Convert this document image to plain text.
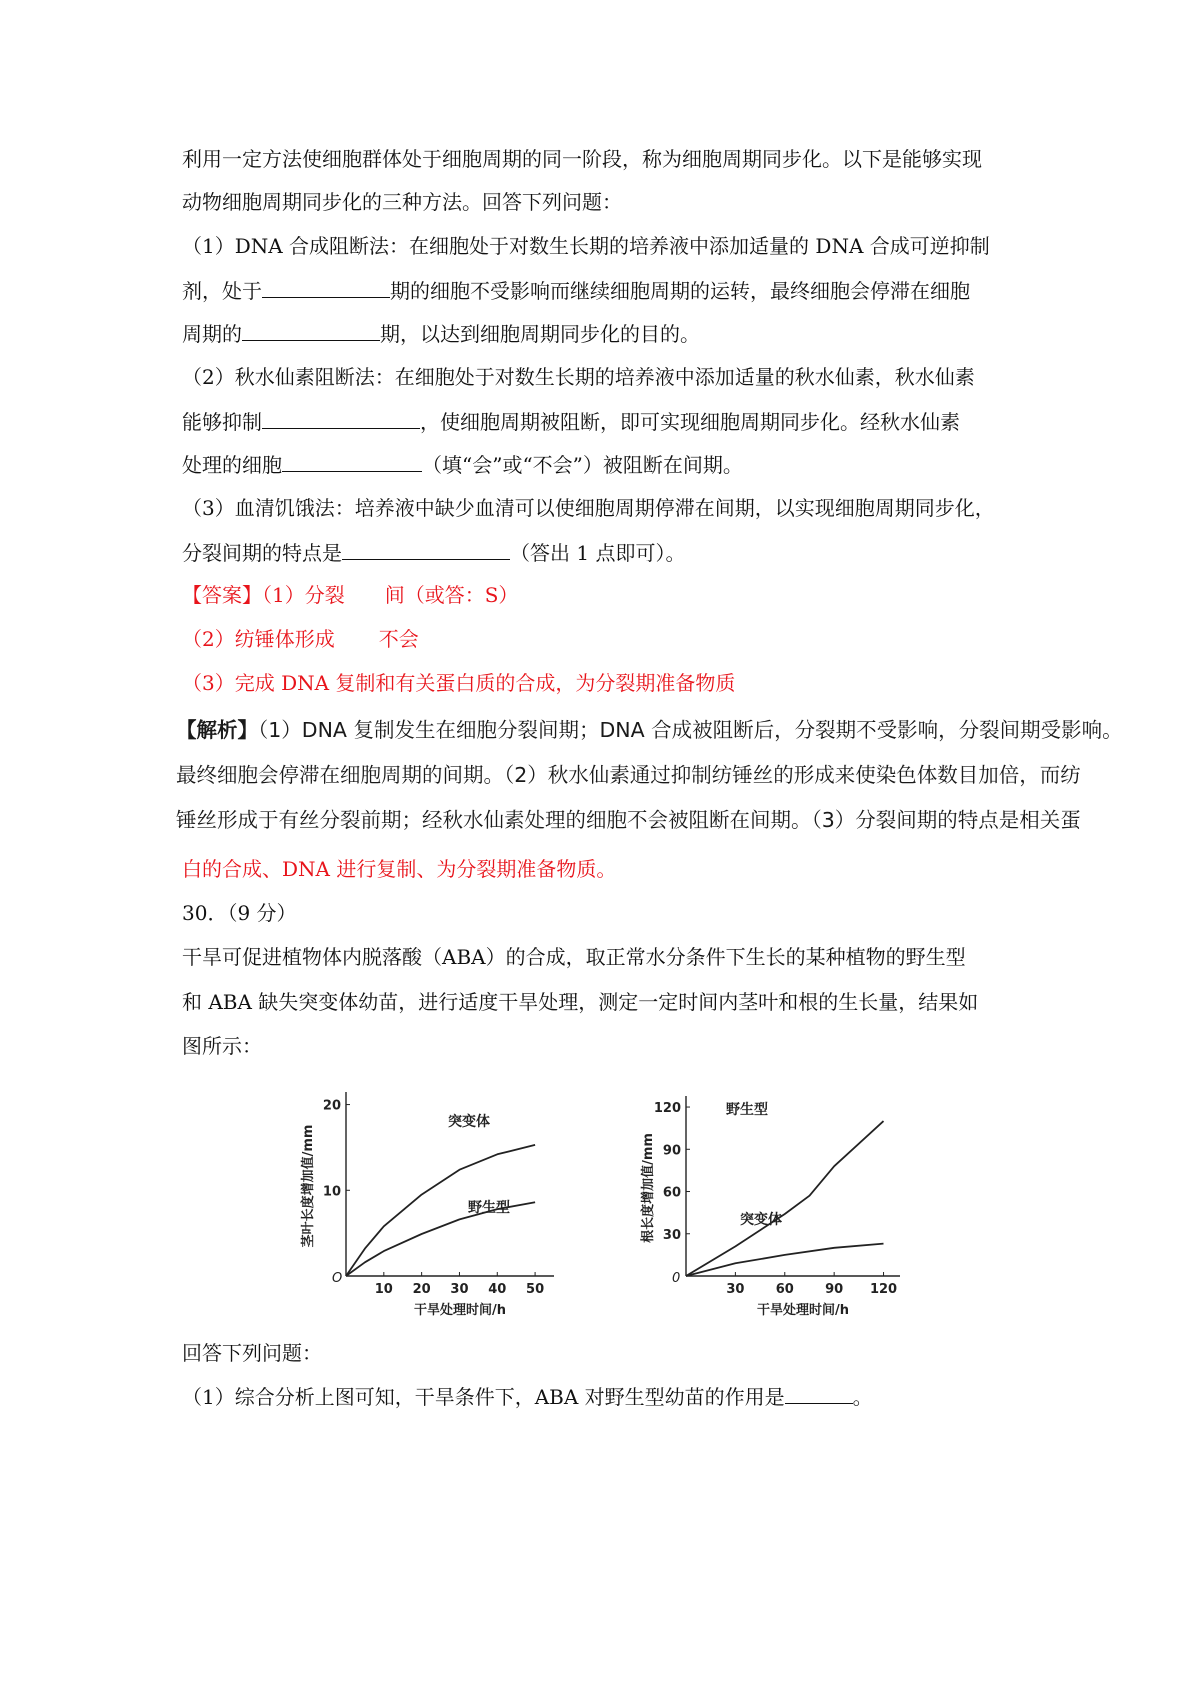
利用一定方法使细胞群体处于细胞周期的同一阶段，称为细胞周期同步化。以下是能够实现
动物细胞周期同步化的三种方法。回答下列问题：
（1）DNA 合成阻断法：在细胞处于对数生长期的培养液中添加适量的 DNA 合成可逆抑制
剂，处于	期的细胞不受影响而继续细胞周期的运转，最终细胞会停滞在细胞
周期的	期，以达到细胞周期同步化的目的。
（2）秋水仙素阻断法：在细胞处于对数生长期的培养液中添加适量的秋水仙素，秋水仙素
能够抑制	，使细胞周期被阻断，即可实现细胞周期同步化。经秋水仙素
处理的细胞	（填“会”或“不会”）被阻断在间期。
（3）血清饥饿法：培养液中缺少血清可以使细胞周期停滞在间期，以实现细胞周期同步化，
分裂间期的特点是	（答出 1 点即可）。
【答案】（1）分裂 间（或答：S）
（2）纺锤体形成 不会
（3）完成 DNA 复制和有关蛋白质的合成，为分裂期准备物质
【解析】（1）DNA 复制发生在细胞分裂间期；DNA 合成被阻断后，分裂期不受影响，分裂间期受影响。
最终细胞会停滞在细胞周期的间期。（2）秋水仙素通过抑制纺锤丝的形成来使染色体数目加倍，而纺
锤丝形成于有丝分裂前期；经秋水仙素处理的细胞不会被阻断在间期。（3）分裂间期的特点是相关蛋
白的合成、DNA 进行复制、为分裂期准备物质。
30．（9 分）
干旱可促进植物体内脱落酸（ABA）的合成，取正常水分条件下生长的某种植物的野生型
和 ABA 缺失突变体幼苗，进行适度干旱处理，测定一定时间内茎叶和根的生长量，结果如
图所示：
O
10 20 30 40 50
10
20
干旱处理时间/h
茎叶长度增加值/mm
突变体
野生型
0
30 60 90 120
30
60
90
120
干旱处理时间/h
根长度增加值/mm
野生型
突变体
回答下列问题：
（1）综合分析上图可知，干旱条件下，ABA 对野生型幼苗的作用是	。
